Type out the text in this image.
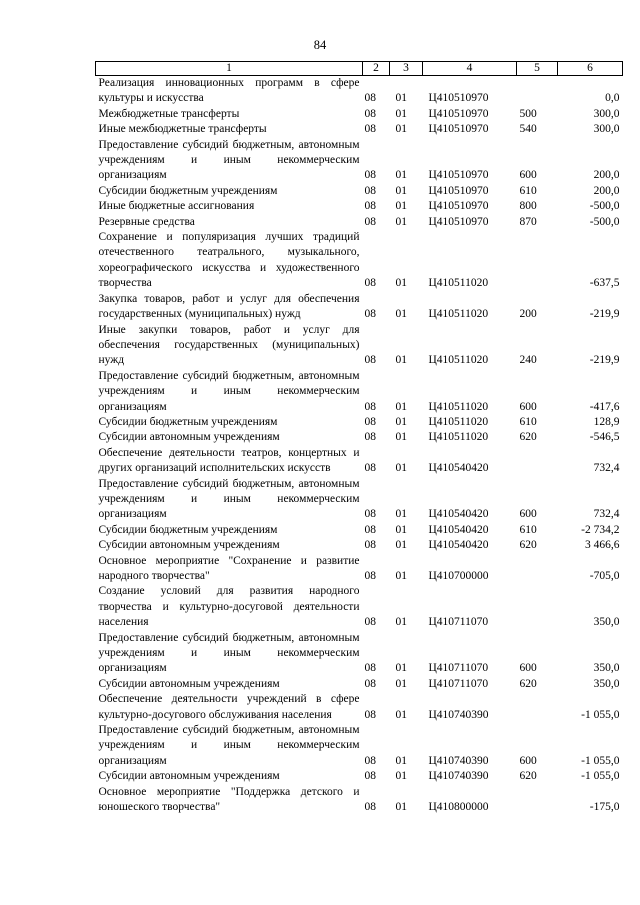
84
1	2	3	4	5	6
Реализация инновационных программ в сфере культуры и искусства	08	01	Ц410510970		0,0
Межбюджетные трансферты	08	01	Ц410510970	500	300,0
Иные межбюджетные трансферты	08	01	Ц410510970	540	300,0
Предоставление субсидий бюджетным, автономным учреждениям и иным некоммерческим организациям	08	01	Ц410510970	600	200,0
Субсидии бюджетным учреждениям	08	01	Ц410510970	610	200,0
Иные бюджетные ассигнования	08	01	Ц410510970	800	-500,0
Резервные средства	08	01	Ц410510970	870	-500,0
Сохранение и популяризация лучших традиций отечественного театрального, музыкального, хореографического искусства и художественного творчества	08	01	Ц410511020		-637,5
Закупка товаров, работ и услуг для обеспечения государственных (муниципальных) нужд	08	01	Ц410511020	200	-219,9
Иные закупки товаров, работ и услуг для обеспечения государственных (муниципальных) нужд	08	01	Ц410511020	240	-219,9
Предоставление субсидий бюджетным, автономным учреждениям и иным некоммерческим организациям	08	01	Ц410511020	600	-417,6
Субсидии бюджетным учреждениям	08	01	Ц410511020	610	128,9
Субсидии автономным учреждениям	08	01	Ц410511020	620	-546,5
Обеспечение деятельности театров, концертных и других организаций исполнительских искусств	08	01	Ц410540420		732,4
Предоставление субсидий бюджетным, автономным учреждениям и иным некоммерческим организациям	08	01	Ц410540420	600	732,4
Субсидии бюджетным учреждениям	08	01	Ц410540420	610	-2 734,2
Субсидии автономным учреждениям	08	01	Ц410540420	620	3 466,6
Основное мероприятие "Сохранение и развитие народного творчества"	08	01	Ц410700000		-705,0
Создание условий для развития народного творчества и культурно-досуговой деятельности населения	08	01	Ц410711070		350,0
Предоставление субсидий бюджетным, автономным учреждениям и иным некоммерческим организациям	08	01	Ц410711070	600	350,0
Субсидии автономным учреждениям	08	01	Ц410711070	620	350,0
Обеспечение деятельности учреждений в сфере культурно-досугового обслуживания населения	08	01	Ц410740390		-1 055,0
Предоставление субсидий бюджетным, автономным учреждениям и иным некоммерческим организациям	08	01	Ц410740390	600	-1 055,0
Субсидии автономным учреждениям	08	01	Ц410740390	620	-1 055,0
Основное мероприятие "Поддержка детского и юношеского творчества"	08	01	Ц410800000		-175,0
